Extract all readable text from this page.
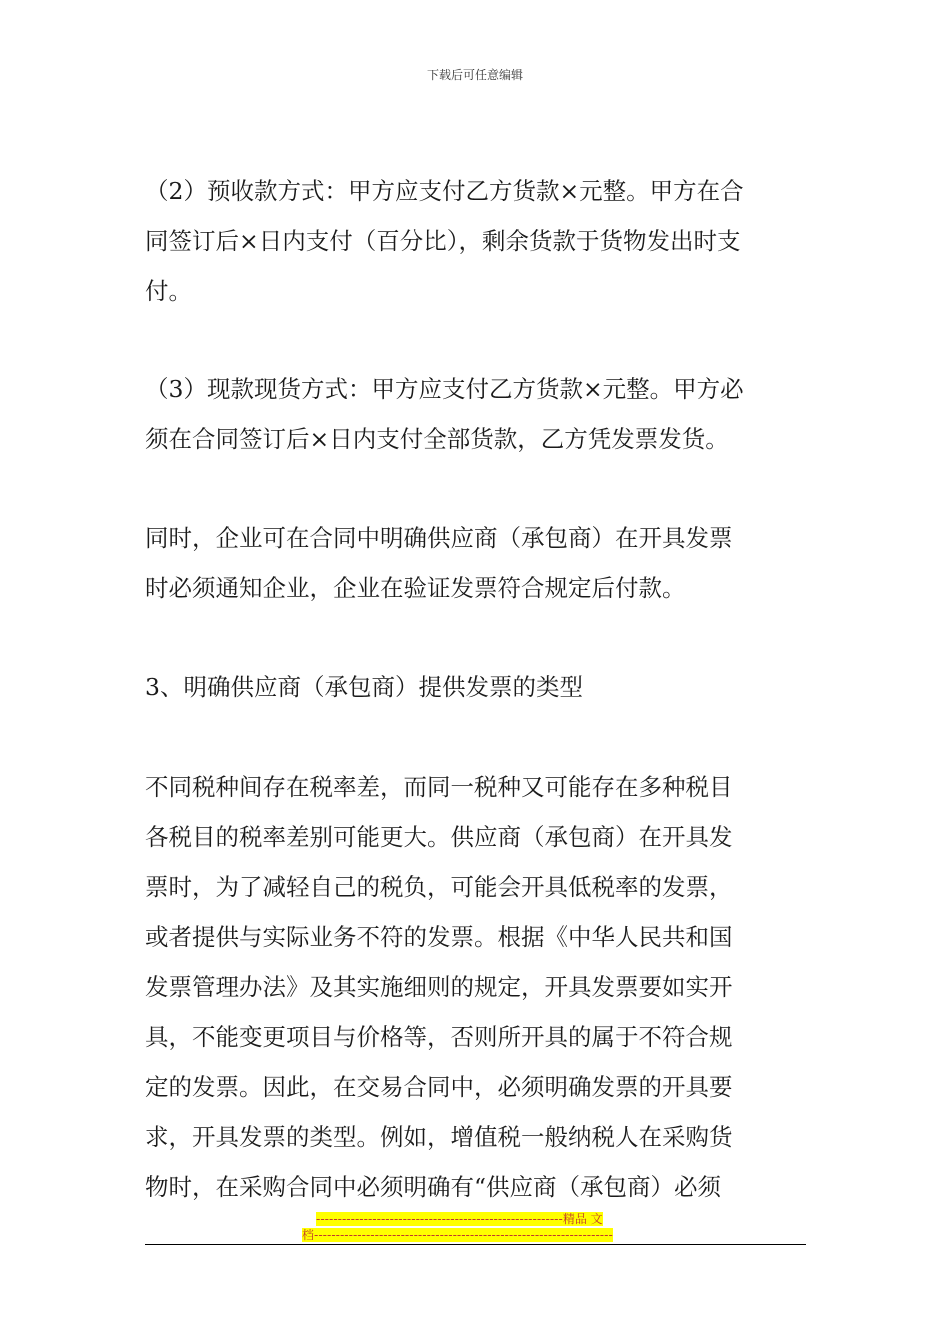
下载后可任意编辑
（2）预收款方式：甲方应支付乙方货款×元整。甲方在合
同签订后×日内支付（百分比），剩余货款于货物发出时支
付。
（3）现款现货方式：甲方应支付乙方货款×元整。甲方必
须在合同签订后×日内支付全部货款，乙方凭发票发货。
同时，企业可在合同中明确供应商（承包商）在开具发票
时必须通知企业，企业在验证发票符合规定后付款。
3、明确供应商（承包商）提供发票的类型
不同税种间存在税率差，而同一税种又可能存在多种税目
各税目的税率差别可能更大。供应商（承包商）在开具发
票时，为了减轻自己的税负，可能会开具低税率的发票，
或者提供与实际业务不符的发票。根据《中华人民共和国
发票管理办法》及其实施细则的规定，开具发票要如实开
具，不能变更项目与价格等，否则所开具的属于不符合规
定的发票。因此，在交易合同中，必须明确发票的开具要
求，开具发票的类型。例如，增值税一般纳税人在采购货
物时，在采购合同中必须明确有“供应商（承包商）必须
---------------------------------------------------------精品 文
档---------------------------------------------------------------------
